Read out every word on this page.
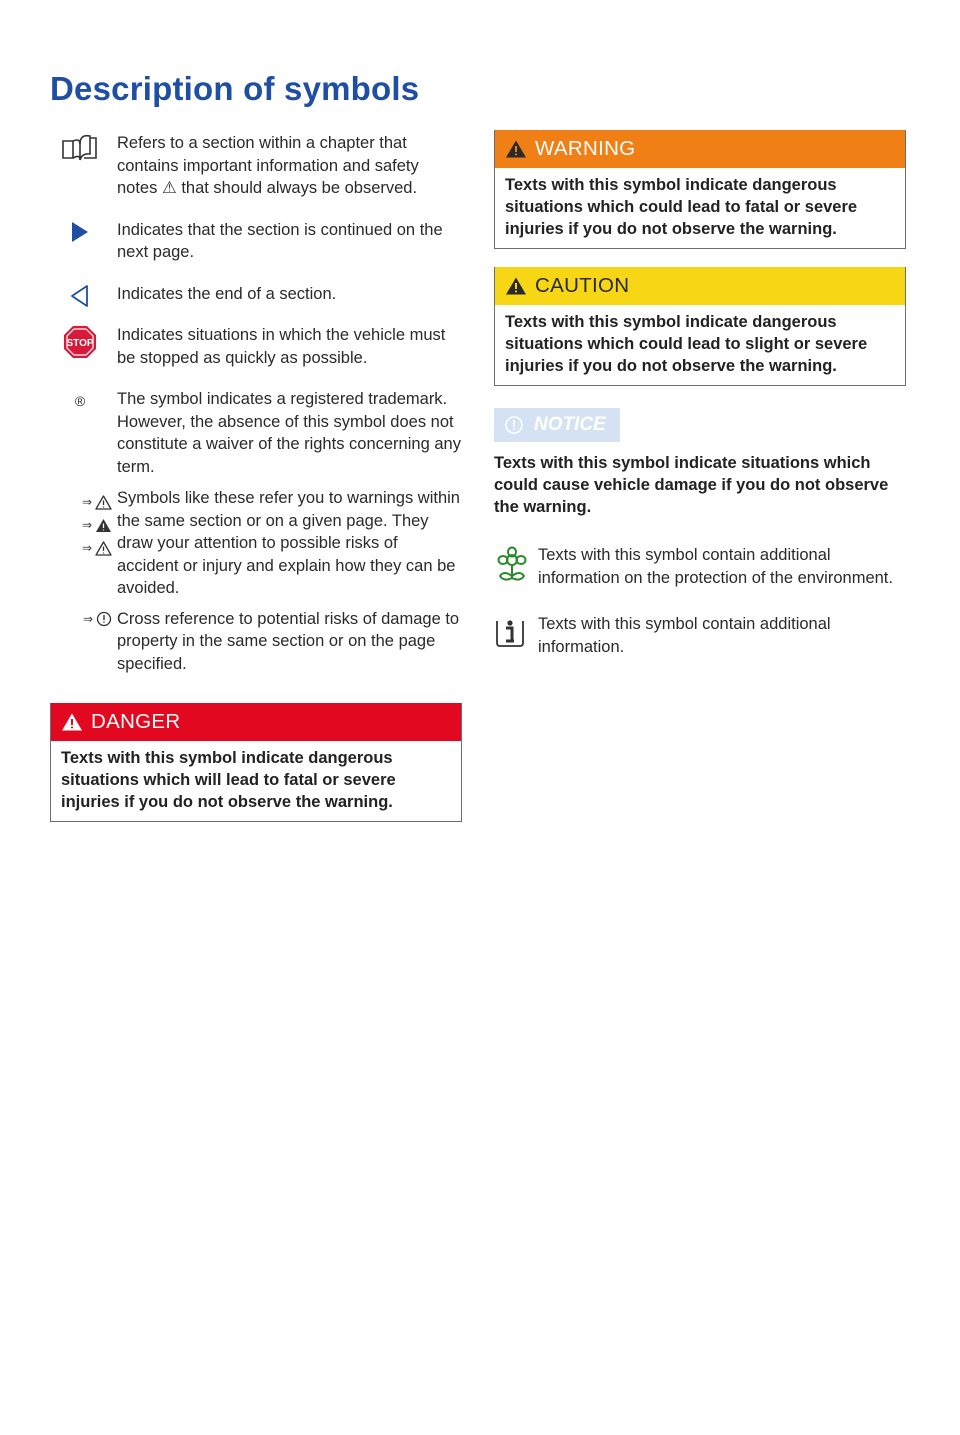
Description of symbols
Refers to a section within a chapter that contains important information and safety notes ⚠ that should always be observed.
Indicates that the section is continued on the next page.
Indicates the end of a section.
STOP Indicates situations in which the vehicle must be stopped as quickly as possible.
® The symbol indicates a registered trademark. However, the absence of this symbol does not constitute a waiver of the rights concerning any term.
⇒
⇒
⇒
Symbols like these refer you to warnings within the same section or on a given page. They draw your attention to possible risks of accident or injury and explain how they can be avoided.
⇒ Cross reference to potential risks of damage to property in the same section or on the page specified.
DANGER
Texts with this symbol indicate dangerous situations which will lead to fatal or severe injuries if you do not observe the warning.
WARNING
Texts with this symbol indicate dangerous situations which could lead to fatal or severe injuries if you do not observe the warning.
CAUTION
Texts with this symbol indicate dangerous situations which could lead to slight or severe injuries if you do not observe the warning.
NOTICE
Texts with this symbol indicate situations which could cause vehicle damage if you do not observe the warning.
Texts with this symbol contain additional information on the protection of the environment.
Texts with this symbol contain additional information.
